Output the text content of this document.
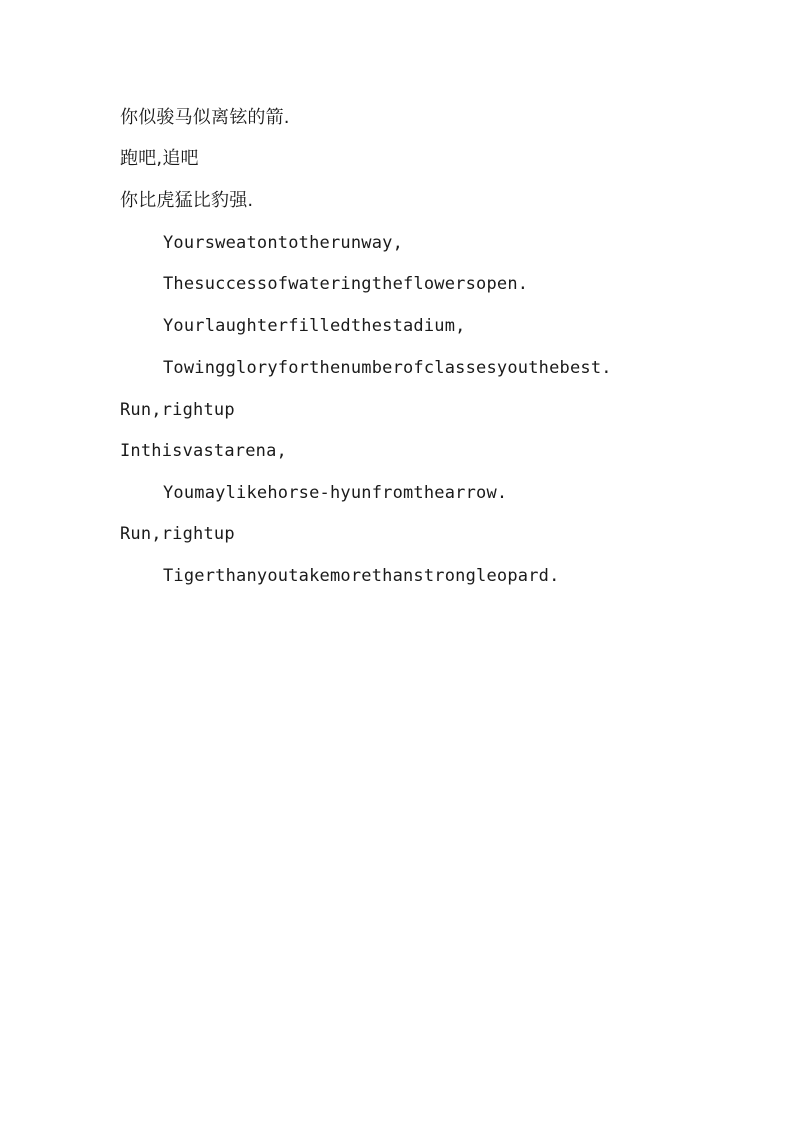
你似骏马似离铉的箭.
跑吧,追吧
你比虎猛比豹强.
Yoursweatontotherunway,
Thesuccessofwateringtheflowersopen.
Yourlaughterfilledthestadium,
Towinggloryforthenumberofclassesyouthebest.
Run,rightup
Inthisvastarena,
Youmaylikehorse-hyunfromthearrow.
Run,rightup
Tigerthanyoutakemorethanstrongleopard.
